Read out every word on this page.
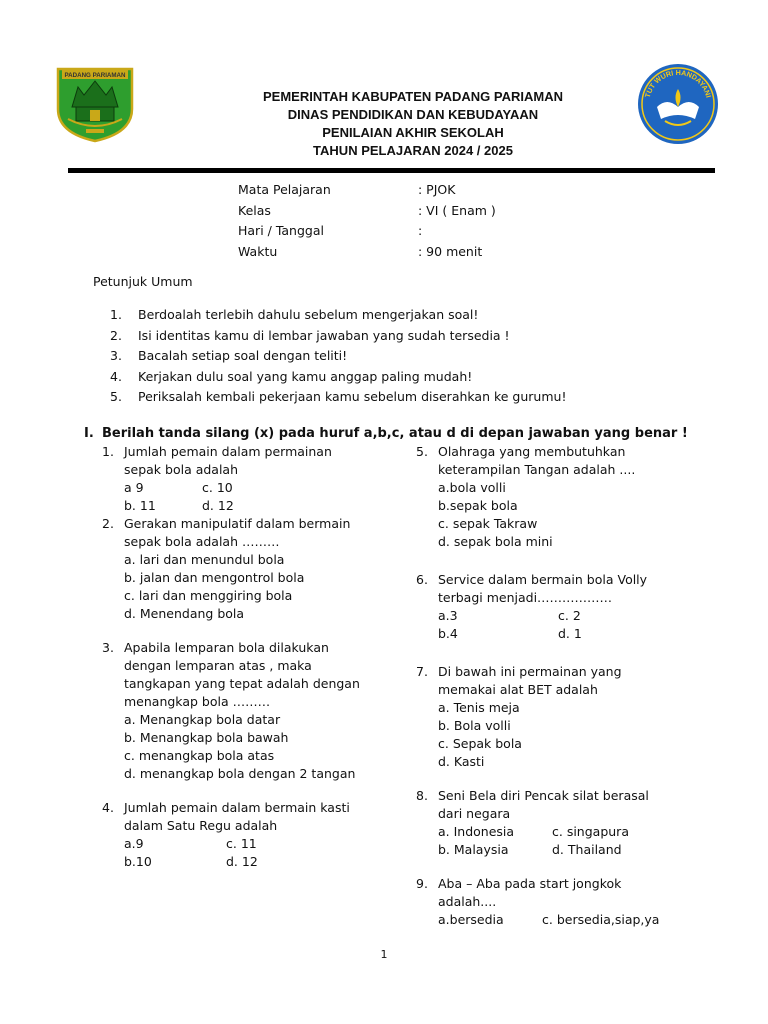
PADANG PARIAMAN
TUT WURI HANDAYANI
PEMERINTAH KABUPATEN PADANG PARIAMAN
DINAS PENDIDIKAN DAN KEBUDAYAAN
PENILAIAN AKHIR SEKOLAH
TAHUN PELAJARAN 2024 / 2025
Mata Pelajaran	: PJOK
Kelas	: VI ( Enam )
Hari / Tanggal	:
Waktu	: 90 menit
Petunjuk Umum
1. Berdoalah terlebih dahulu sebelum mengerjakan soal!
2. Isi identitas kamu di lembar jawaban yang sudah tersedia !
3. Bacalah setiap soal dengan teliti!
4. Kerjakan dulu soal yang kamu anggap paling mudah!
5. Periksalah kembali pekerjaan kamu sebelum diserahkan ke gurumu!
I. Berilah tanda silang (x) pada huruf a,b,c, atau d di depan jawaban yang benar !
1. Jumlah pemain dalam permainan
sepak bola adalah
a 9	c. 10
b. 11	d. 12
2. Gerakan manipulatif dalam bermain
sepak bola adalah ………
a. lari dan menundul bola
b. jalan dan mengontrol bola
c. lari dan menggiring bola
d. Menendang bola
3. Apabila lemparan bola dilakukan
dengan lemparan atas , maka
tangkapan yang tepat adalah dengan
menangkap bola ………
a. Menangkap bola datar
b. Menangkap bola bawah
c. menangkap bola atas
d. menangkap bola dengan 2 tangan
4. Jumlah pemain dalam bermain kasti
dalam Satu Regu adalah
a.9	c. 11
b.10	d. 12
5. Olahraga yang membutuhkan
keterampilan Tangan adalah ....
a.bola volli
b.sepak bola
c. sepak Takraw
d. sepak bola mini
6. Service dalam bermain bola Volly
terbagi menjadi………………
a.3	c. 2
b.4	d. 1
7. Di bawah ini permainan yang
memakai alat BET adalah
a. Tenis meja
b. Bola volli
c. Sepak bola
d. Kasti
8. Seni Bela diri Pencak silat berasal
dari negara
a. Indonesia	c. singapura
b. Malaysia	d. Thailand
9. Aba – Aba pada start jongkok
adalah....
a.bersedia	c. bersedia,siap,ya
1
